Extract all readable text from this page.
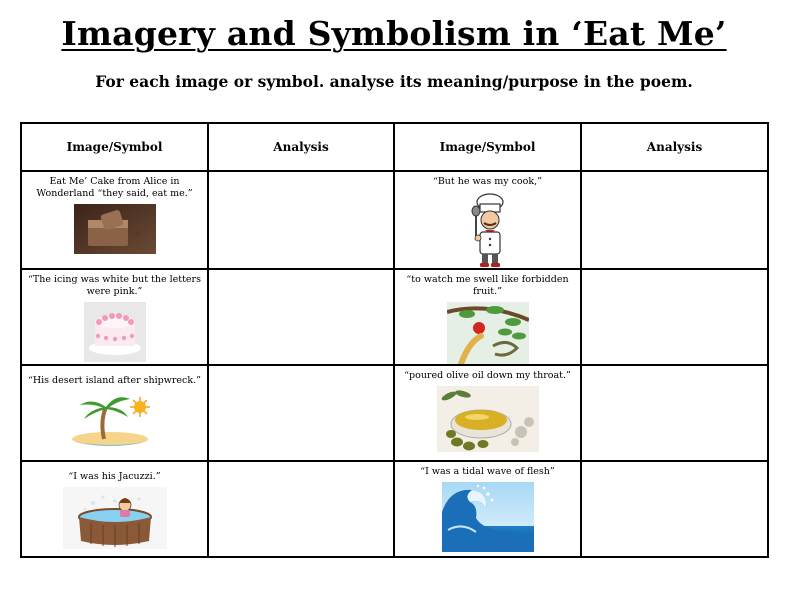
Imagery and Symbolism in ‘Eat Me’
For each image or symbol. analyse its meaning/purpose in the poem.
Image/Symbol	Analysis	Image/Symbol	Analysis

Eat Me’ Cake from Alice in Wonderland “they said, eat me.”		“But he was my cook,”	

“The icing was white but the letters were pink.”		“to watch me swell like forbidden fruit.”	

“His desert island after shipwreck.”		“poured olive oil down my throat.”	

“I was his Jacuzzi.”		“I was a tidal wave of flesh”	
